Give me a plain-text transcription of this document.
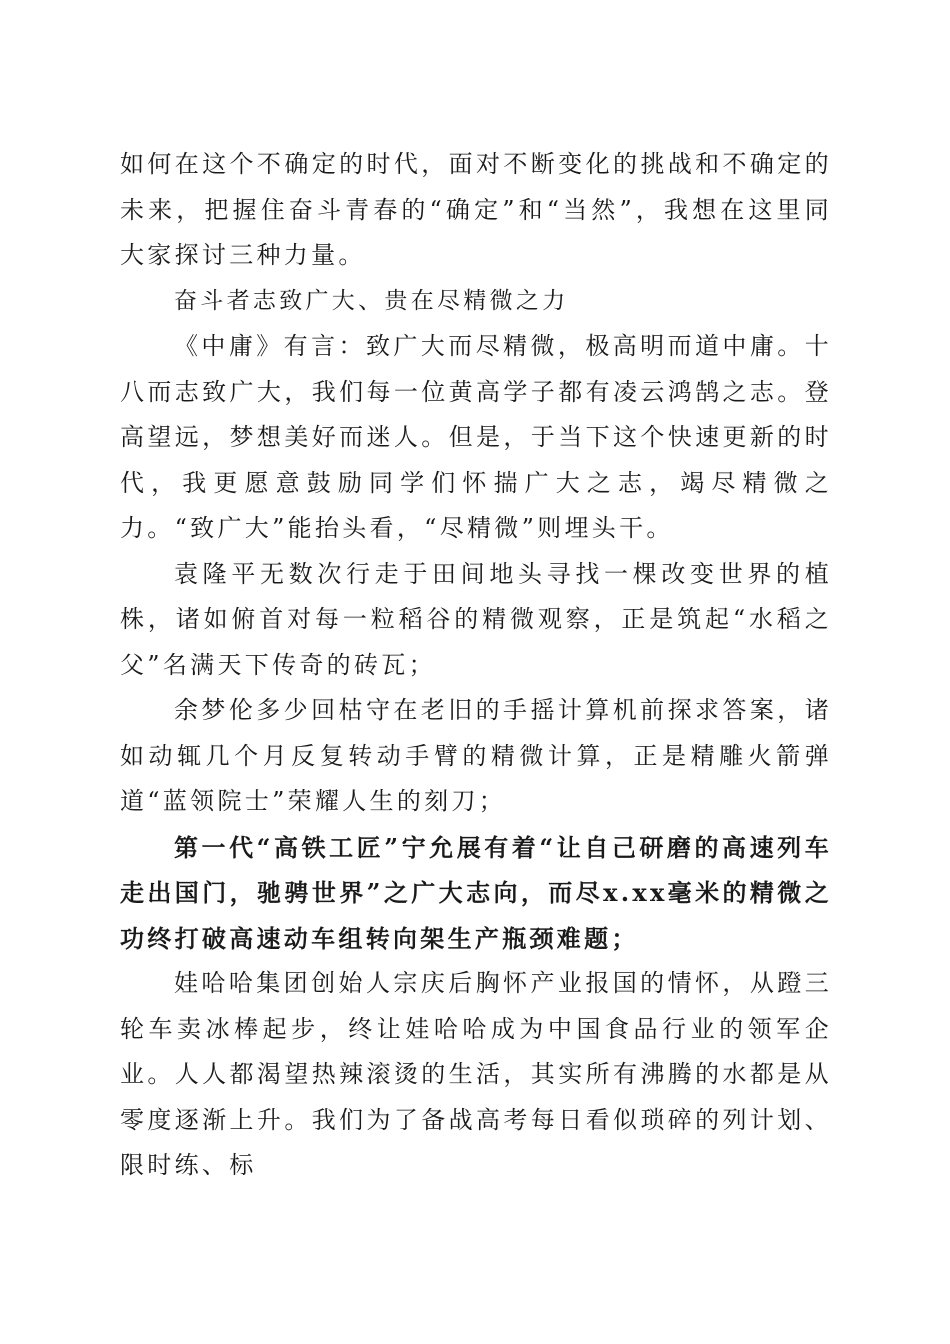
如何在这个不确定的时代，面对不断变化的挑战和不确定的未来，把握住奋斗青春的“确定”和“当然”，我想在这里同大家探讨三种力量。

奋斗者志致广大、贵在尽精微之力

《中庸》有言：致广大而尽精微，极高明而道中庸。十八而志致广大，我们每一位黄高学子都有凌云鸿鹄之志。登高望远，梦想美好而迷人。但是，于当下这个快速更新的时代，我更愿意鼓励同学们怀揣广大之志，竭尽精微之力。“致广大”能抬头看，“尽精微”则埋头干。

袁隆平无数次行走于田间地头寻找一棵改变世界的植株，诸如俯首对每一粒稻谷的精微观察，正是筑起“水稻之父”名满天下传奇的砖瓦；

余梦伦多少回枯守在老旧的手摇计算机前探求答案，诸如动辄几个月反复转动手臂的精微计算，正是精雕火箭弹道“蓝领院士”荣耀人生的刻刀；

第一代“高铁工匠”宁允展有着“让自己研磨的高速列车走出国门，驰骋世界”之广大志向，而尽x.xx毫米的精微之功终打破高速动车组转向架生产瓶颈难题；

娃哈哈集团创始人宗庆后胸怀产业报国的情怀，从蹬三轮车卖冰棒起步，终让娃哈哈成为中国食品行业的领军企业。人人都渴望热辣滚烫的生活，其实所有沸腾的水都是从零度逐渐上升。我们为了备战高考每日看似琐碎的列计划、限时练、标
